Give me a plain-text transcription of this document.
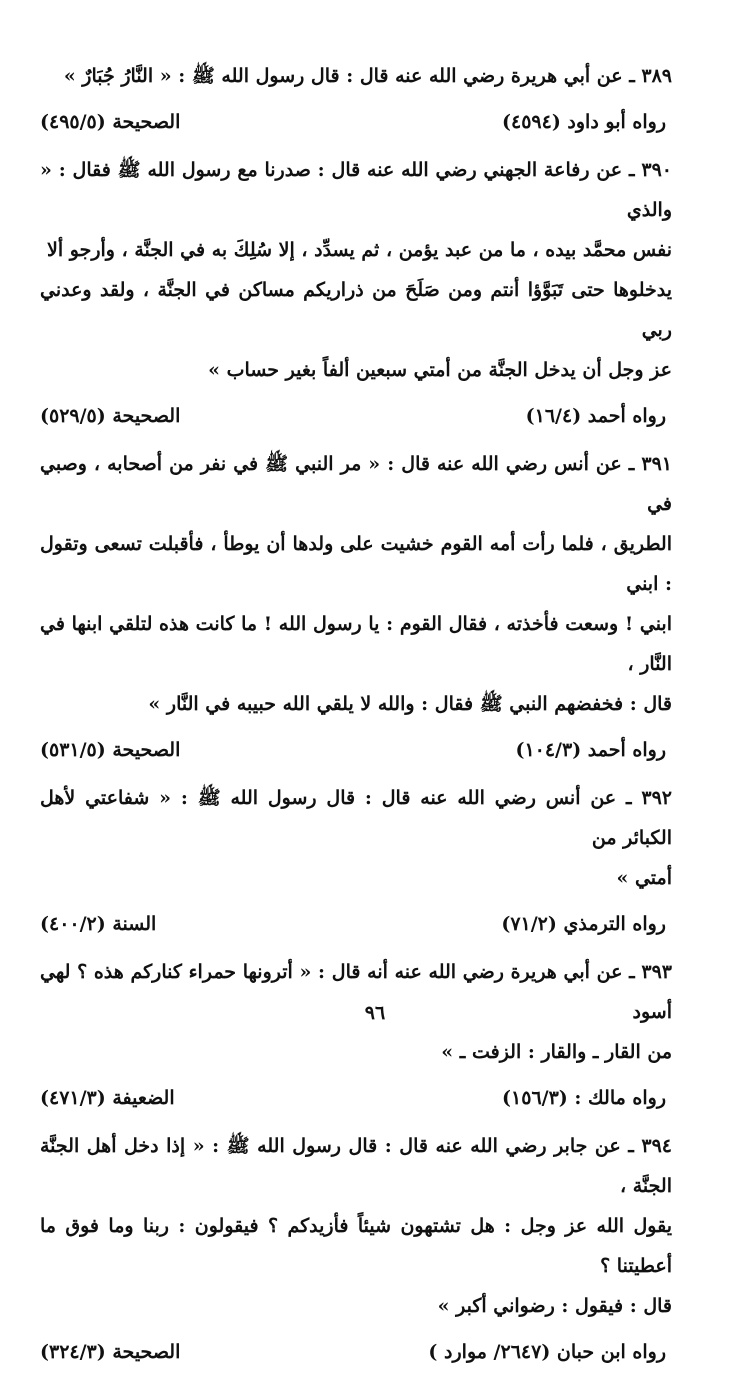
٣٨٩ ـ عن أبي هريرة رضي الله عنه قال : قال رسول الله ﷺ : « النَّارُ جُبَارٌ »

رواه أبو داود (٤٥٩٤)
الصحيحة (٤٩٥/٥)

٣٩٠ ـ عن رفاعة الجهني رضي الله عنه قال : صدرنا مع رسول الله ﷺ فقال : « والذي
نفس محمَّد بيده ، ما من عبد يؤمن ، ثم يسدِّد ، إلا سُلِكَ به في الجنَّة ، وأرجو ألا
يدخلوها حتى تَبَوَّؤا أنتم ومن صَلَحَ من ذراريكم مساكن في الجنَّة ، ولقد وعدني ربي
عز وجل أن يدخل الجنَّة من أمتي سبعين ألفاً بغير حساب »

رواه أحمد (١٦/٤)
الصحيحة (٥٢٩/٥)

٣٩١ ـ عن أنس رضي الله عنه قال : « مر النبي ﷺ في نفر من أصحابه ، وصبي في
الطريق ، فلما رأت أمه القوم خشيت على ولدها أن يوطأ ، فأقبلت تسعى وتقول : ابني
ابني ! وسعت فأخذته ، فقال القوم : يا رسول الله ! ما كانت هذه لتلقي ابنها في النَّار ،
قال : فخفضهم النبي ﷺ فقال : والله لا يلقي الله حبيبه في النَّار »

رواه أحمد (١٠٤/٣)
الصحيحة (٥٣١/٥)

٣٩٢ ـ عن أنس رضي الله عنه قال : قال رسول الله ﷺ : « شفاعتي لأهل الكبائر من
أمتي »

رواه الترمذي (٧١/٢)
السنة (٤٠٠/٢)

٣٩٣ ـ عن أبي هريرة رضي الله عنه أنه قال : « أترونها حمراء كناركم هذه ؟ لهي أسود
من القار ـ والقار : الزفت ـ »

رواه مالك : (١٥٦/٣)
الضعيفة (٤٧١/٣)

٣٩٤ ـ عن جابر رضي الله عنه قال : قال رسول الله ﷺ : « إذا دخل أهل الجنَّة الجنَّة ،
يقول الله عز وجل : هل تشتهون شيئاً فأزيدكم ؟ فيقولون : ربنا وما فوق ما أعطيتنا ؟
قال : فيقول : رضواني أكبر »

رواه ابن حبان (٢٦٤٧/ موارد )
الصحيحة (٣٢٤/٣)
٩٦
